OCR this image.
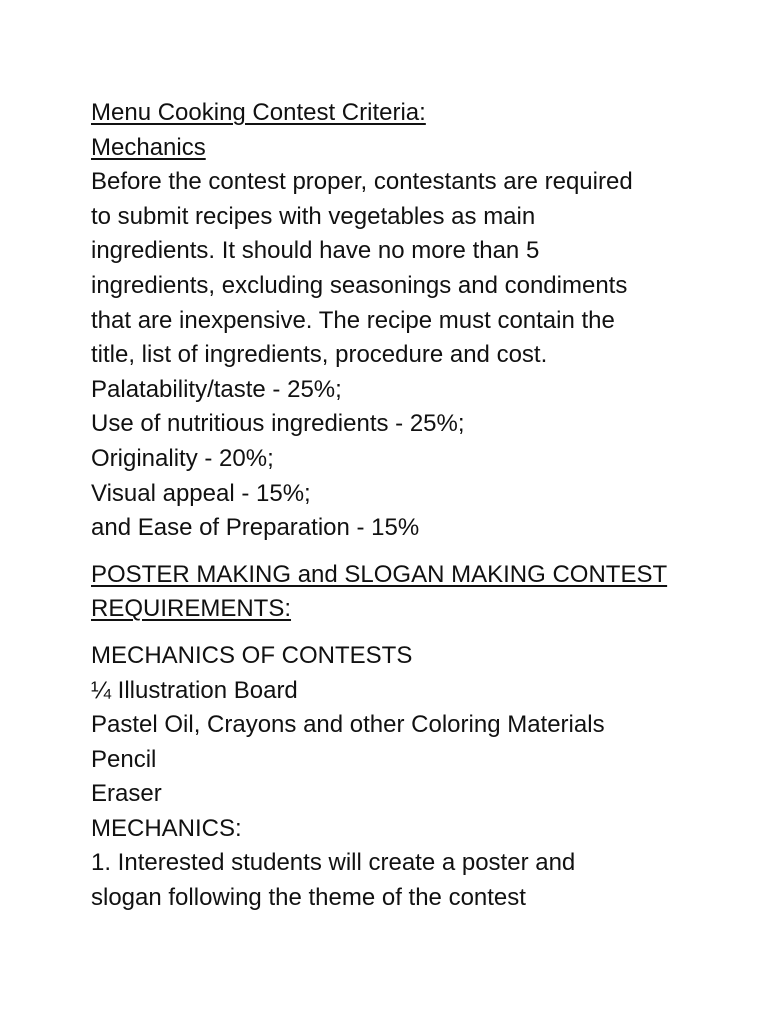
Menu Cooking Contest Criteria:
Mechanics
Before the contest proper, contestants are required
to submit recipes with vegetables as main
ingredients. It should have no more than 5
ingredients, excluding seasonings and condiments
that are inexpensive. The recipe must contain the
title, list of ingredients, procedure and cost.
Palatability/taste - 25%;
Use of nutritious ingredients - 25%;
Originality - 20%;
Visual appeal - 15%;
and Ease of Preparation - 15%
POSTER MAKING and SLOGAN MAKING CONTEST
REQUIREMENTS:
MECHANICS OF CONTESTS
¼ Illustration Board
Pastel Oil, Crayons and other Coloring Materials
Pencil
Eraser
MECHANICS:
1. Interested students will create a poster and
slogan following the theme of the contest
